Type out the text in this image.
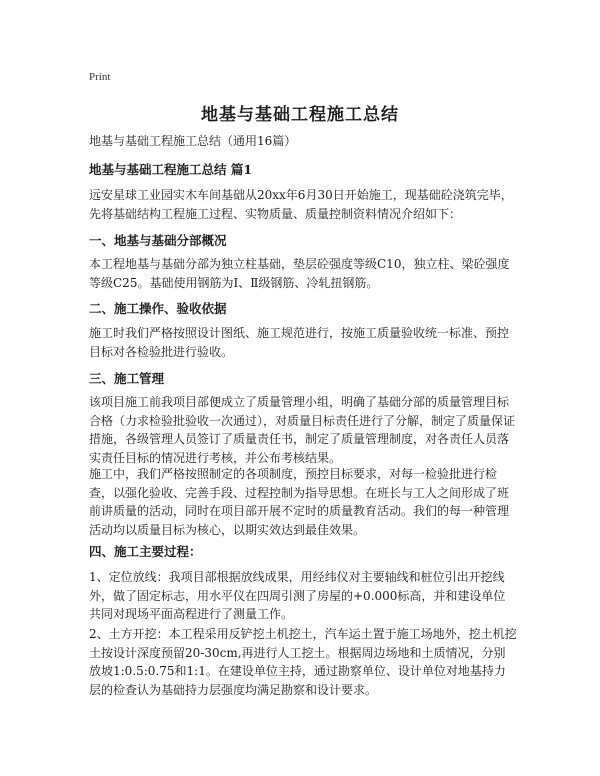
Print
地基与基础工程施工总结
地基与基础工程施工总结（通用16篇）
地基与基础工程施工总结 篇1
远安星球工业园实木车间基础从20xx年6月30日开始施工，现基础砼浇筑完毕，先将基础结构工程施工过程、实物质量、质量控制资料情况介绍如下：
一、地基与基础分部概况
本工程地基与基础分部为独立柱基础，垫层砼强度等级C10，独立柱、梁砼强度等级C25。基础使用钢筋为Ⅰ、Ⅱ级钢筋、冷轧扭钢筋。
二、施工操作、验收依据
施工时我们严格按照设计图纸、施工规范进行，按施工质量验收统一标准、预控目标对各检验批进行验收。
三、施工管理
该项目施工前我项目部便成立了质量管理小组，明确了基础分部的质量管理目标合格（力求检验批验收一次通过），对质量目标责任进行了分解，制定了质量保证措施，各级管理人员签订了质量责任书，制定了质量管理制度，对各责任人员落实责任目标的情况进行考核，并公布考核结果。
施工中，我们严格按照制定的各项制度，预控目标要求，对每一检验批进行检查，以强化验收、完善手段、过程控制为指导思想。在班长与工人之间形成了班前讲质量的活动，同时在项目部开展不定时的质量教育活动。我们的每一种管理活动均以质量目标为核心，以期实效达到最佳效果。
四、施工主要过程：
1、定位放线：我项目部根据放线成果，用经纬仪对主要轴线和桩位引出开挖线外，做了固定标志，用水平仪在四周引测了房屋的+0.000标高，并和建设单位共同对现场平面高程进行了测量工作。
2、土方开挖：本工程采用反铲挖土机挖土，汽车运土置于施工场地外，挖土机挖土按设计深度预留20-30cm,再进行人工挖土。根据周边场地和土质情况，分别放坡1:0.5:0.75和1:1。在建设单位主持，通过勘察单位、设计单位对地基持力层的检查认为基础持力层强度均满足勘察和设计要求。
